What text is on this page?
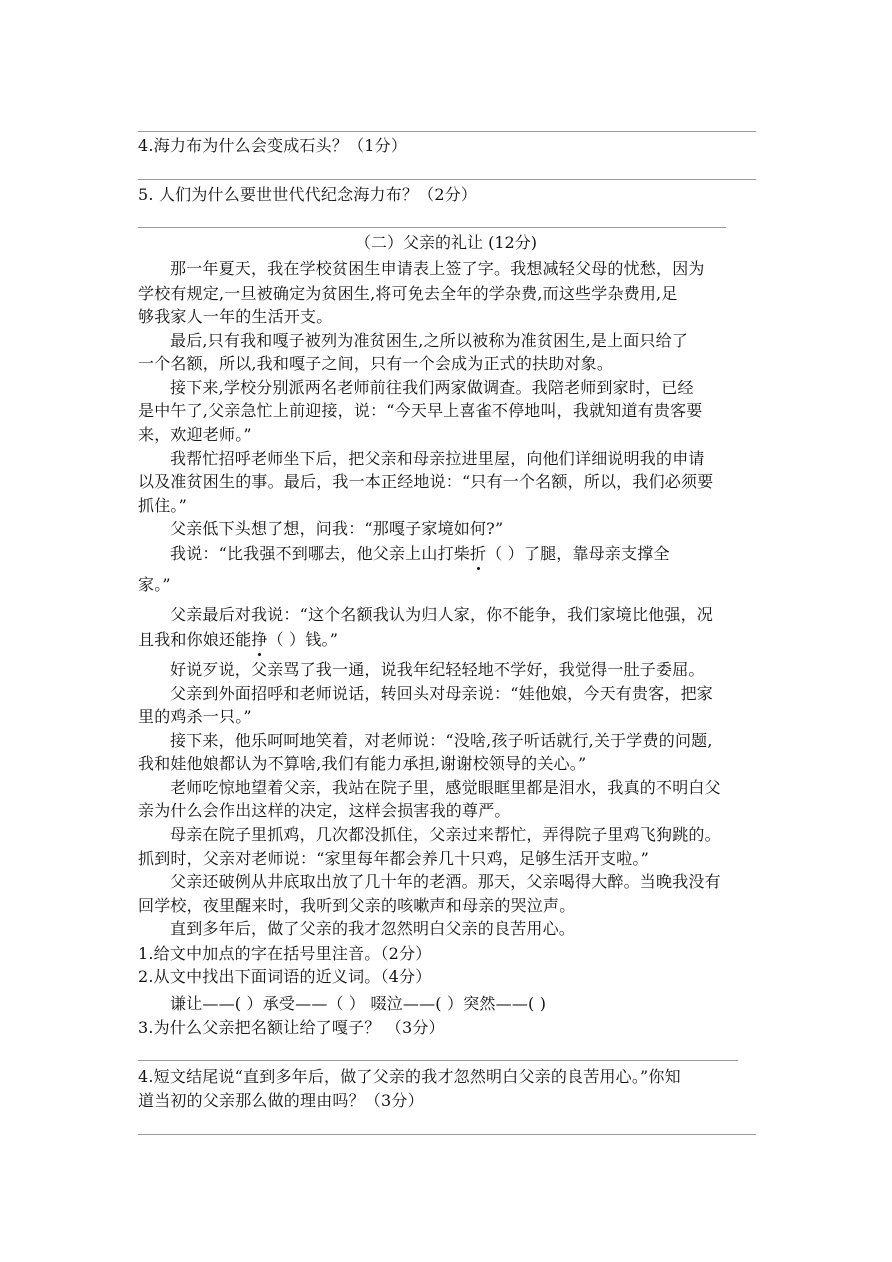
4.海力布为什么会变成石头？（1分）
5. 人们为什么要世世代代纪念海力布？（2分）
（二）父亲的礼让 (12分)
那一年夏天，我在学校贫困生申请表上签了字。我想减轻父母的忧愁，因为
学校有规定,一旦被确定为贫困生,将可免去全年的学杂费,而这些学杂费用,足
够我家人一年的生活开支。
最后,只有我和嘎子被列为准贫困生,之所以被称为准贫困生,是上面只给了
一个名额，所以,我和嘎子之间，只有一个会成为正式的扶助对象。
接下来,学校分别派两名老师前往我们两家做调查。我陪老师到家时，已经
是中午了,父亲急忙上前迎接，说：“今天早上喜雀不停地叫，我就知道有贵客要
来，欢迎老师。”
我帮忙招呼老师坐下后，把父亲和母亲拉进里屋，向他们详细说明我的申请
以及准贫困生的事。最后，我一本正经地说：“只有一个名额，所以，我们必须要
抓住。”
父亲低下头想了想，问我：“那嘎子家境如何?”
我说：“比我强不到哪去，他父亲上山打柴折（ ）了腿，靠母亲支撑全
家。”
父亲最后对我说：“这个名额我认为归人家，你不能争，我们家境比他强，况
且我和你娘还能挣（ ）钱。”
好说歹说，父亲骂了我一通，说我年纪轻轻地不学好，我觉得一肚子委屈。
父亲到外面招呼和老师说话，转回头对母亲说：“娃他娘，今天有贵客，把家
里的鸡杀一只。”
接下来，他乐呵呵地笑着，对老师说：“没啥,孩子听话就行,关于学费的问题,
我和娃他娘都认为不算啥,我们有能力承担,谢谢校领导的关心。”
老师吃惊地望着父亲，我站在院子里，感觉眼眶里都是泪水，我真的不明白父
亲为什么会作出这样的决定，这样会损害我的尊严。
母亲在院子里抓鸡，几次都没抓住，父亲过来帮忙，弄得院子里鸡飞狗跳的。
抓到时，父亲对老师说：“家里每年都会养几十只鸡，足够生活开支啦。”
父亲还破例从井底取出放了几十年的老酒。那天，父亲喝得大醉。当晚我没有
回学校，夜里醒来时，我听到父亲的咳嗽声和母亲的哭泣声。
直到多年后，做了父亲的我才忽然明白父亲的良苦用心。
1.给文中加点的字在括号里注音。（2分）
2.从文中找出下面词语的近义词。（4分）
谦让——( ）承受——（ ） 啜泣——( ）突然——( )
3.为什么父亲把名额让给了嘎子？ （3分）
4.短文结尾说“直到多年后，做了父亲的我才忽然明白父亲的良苦用心。”你知
道当初的父亲那么做的理由吗？（3分）
